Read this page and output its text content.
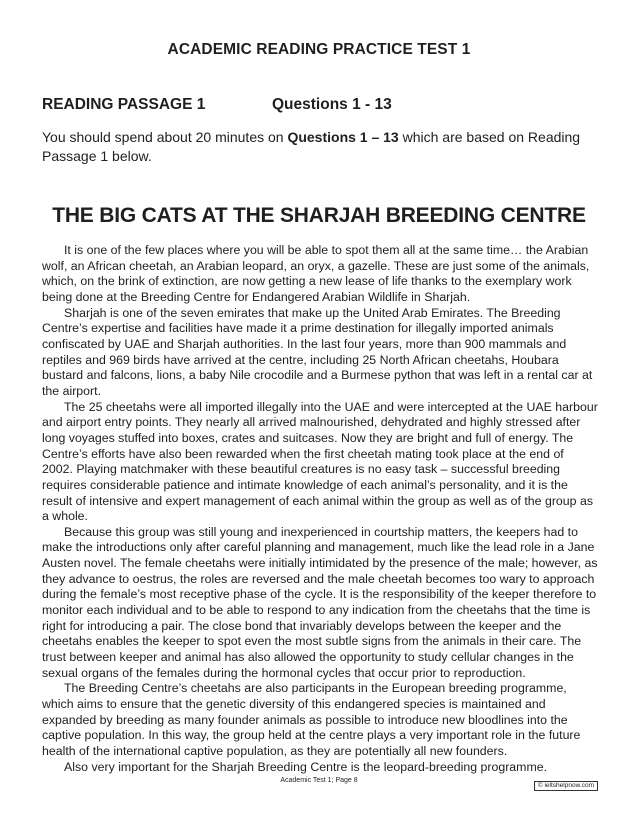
ACADEMIC READING PRACTICE TEST 1
READING PASSAGE 1	Questions 1 - 13
You should spend about 20 minutes on Questions 1 – 13 which are based on Reading Passage 1 below.
THE BIG CATS AT THE SHARJAH BREEDING CENTRE

It is one of the few places where you will be able to spot them all at the same time… the Arabian wolf, an African cheetah, an Arabian leopard, an oryx, a gazelle. These are just some of the animals, which, on the brink of extinction, are now getting a new lease of life thanks to the exemplary work being done at the Breeding Centre for Endangered Arabian Wildlife in Sharjah.

Sharjah is one of the seven emirates that make up the United Arab Emirates. The Breeding Centre’s expertise and facilities have made it a prime destination for illegally imported animals confiscated by UAE and Sharjah authorities. In the last four years, more than 900 mammals and reptiles and 969 birds have arrived at the centre, including 25 North African cheetahs, Houbara bustard and falcons, lions, a baby Nile crocodile and a Burmese python that was left in a rental car at the airport.

The 25 cheetahs were all imported illegally into the UAE and were intercepted at the UAE harbour and airport entry points. They nearly all arrived malnourished, dehydrated and highly stressed after long voyages stuffed into boxes, crates and suitcases. Now they are bright and full of energy. The Centre’s efforts have also been rewarded when the first cheetah mating took place at the end of 2002. Playing matchmaker with these beautiful creatures is no easy task – successful breeding requires considerable patience and intimate knowledge of each animal’s personality, and it is the result of intensive and expert management of each animal within the group as well as of the group as a whole.

Because this group was still young and inexperienced in courtship matters, the keepers had to make the introductions only after careful planning and management, much like the lead role in a Jane Austen novel. The female cheetahs were initially intimidated by the presence of the male; however, as they advance to oestrus, the roles are reversed and the male cheetah becomes too wary to approach during the female’s most receptive phase of the cycle. It is the responsibility of the keeper therefore to monitor each individual and to be able to respond to any indication from the cheetahs that the time is right for introducing a pair. The close bond that invariably develops between the keeper and the cheetahs enables the keeper to spot even the most subtle signs from the animals in their care. The trust between keeper and animal has also allowed the opportunity to study cellular changes in the sexual organs of the females during the hormonal cycles that occur prior to reproduction.

The Breeding Centre’s cheetahs are also participants in the European breeding programme, which aims to ensure that the genetic diversity of this endangered species is maintained and expanded by breeding as many founder animals as possible to introduce new bloodlines into the captive population. In this way, the group held at the centre plays a very important role in the future health of the international captive population, as they are potentially all new founders.

Also very important for the Sharjah Breeding Centre is the leopard-breeding programme.

Academic Test 1; Page 8
© ieltshelpnow.com
